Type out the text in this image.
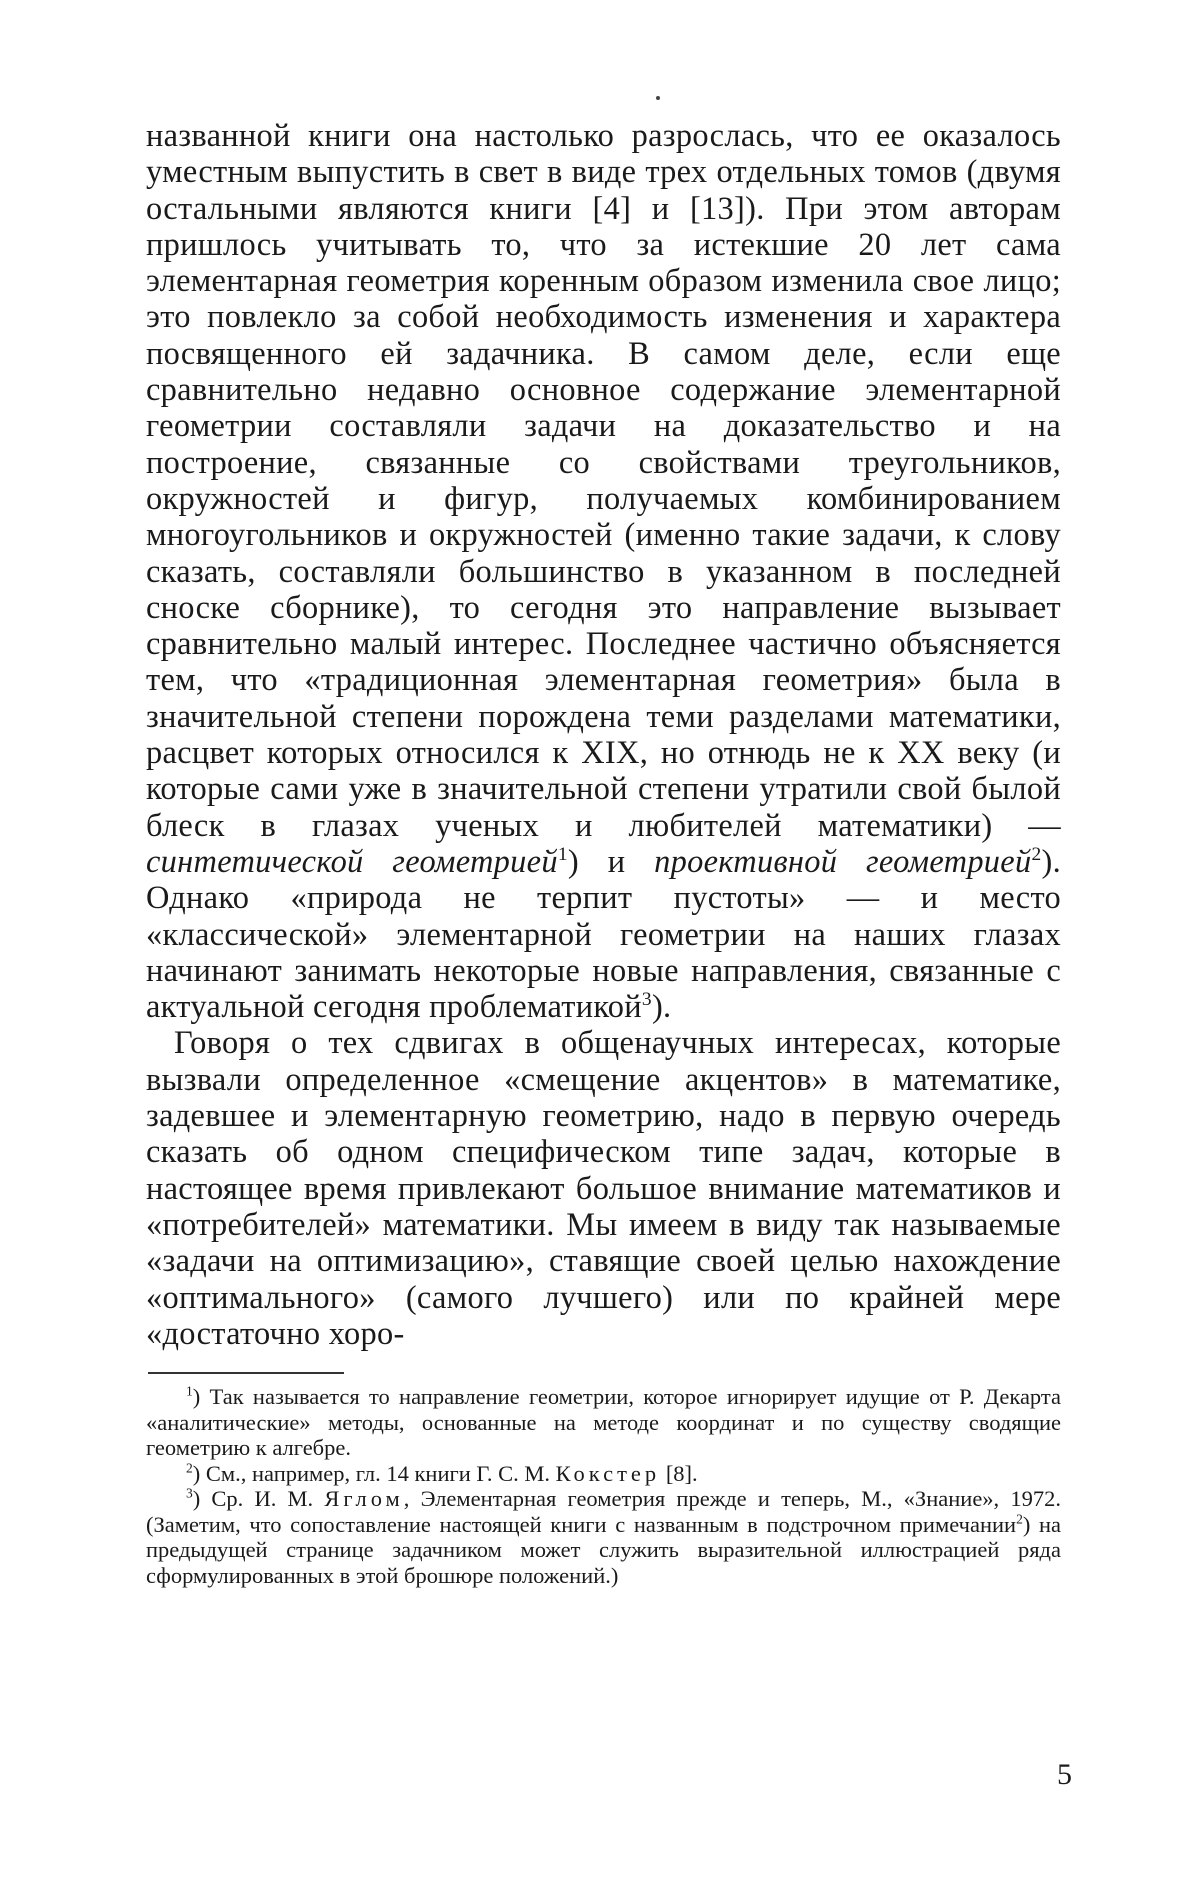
названной книги она настолько разрослась, что ее оказалось уместным выпустить в свет в виде трех отдельных томов (двумя остальными являются книги [4] и [13]). При этом авторам пришлось учитывать то, что за истекшие 20 лет сама элементарная геометрия коренным образом изменила свое лицо; это повлекло за собой необходимость изменения и характера посвященного ей задачника. В самом деле, если еще сравнительно недавно основное содержание элементарной геометрии составляли задачи на доказательство и на построение, связанные со свойствами треугольников, окружностей и фигур, получаемых комбинированием многоугольников и окружностей (именно такие задачи, к слову сказать, составляли большинство в указанном в последней сноске сборнике), то сегодня это направление вызывает сравнительно малый интерес. Последнее частично объясняется тем, что «традиционная элементарная геометрия» была в значительной степени порождена теми разделами математики, расцвет которых относился к XIX, но отнюдь не к XX веку (и которые сами уже в значительной степени утратили свой былой блеск в глазах ученых и любителей математики) — синтетической геометрией1) и проективной геометрией2). Однако «природа не терпит пустоты» — и место «классической» элементарной геометрии на наших глазах начинают занимать некоторые новые направления, связанные с актуальной сегодня проблематикой3).

Говоря о тех сдвигах в общенаучных интересах, которые вызвали определенное «смещение акцентов» в математике, задевшее и элементарную геометрию, надо в первую очередь сказать об одном специфическом типе задач, которые в настоящее время привлекают большое внимание математиков и «потребителей» математики. Мы имеем в виду так называемые «задачи на оптимизацию», ставящие своей целью нахождение «оптимального» (самого лучшего) или по крайней мере «достаточно хоро-

1) Так называется то направление геометрии, которое игнорирует идущие от Р. Декарта «аналитические» методы, основанные на методе координат и по существу сводящие геометрию к алгебре.

2) См., например, гл. 14 книги Г. С. М. Кокстер [8].

3) Ср. И. М. Яглом, Элементарная геометрия прежде и теперь, М., «Знание», 1972. (Заметим, что сопоставление настоящей книги с названным в подстрочном примечании2) на предыдущей странице задачником может служить выразительной иллюстрацией ряда сформулированных в этой брошюре положений.)

5
